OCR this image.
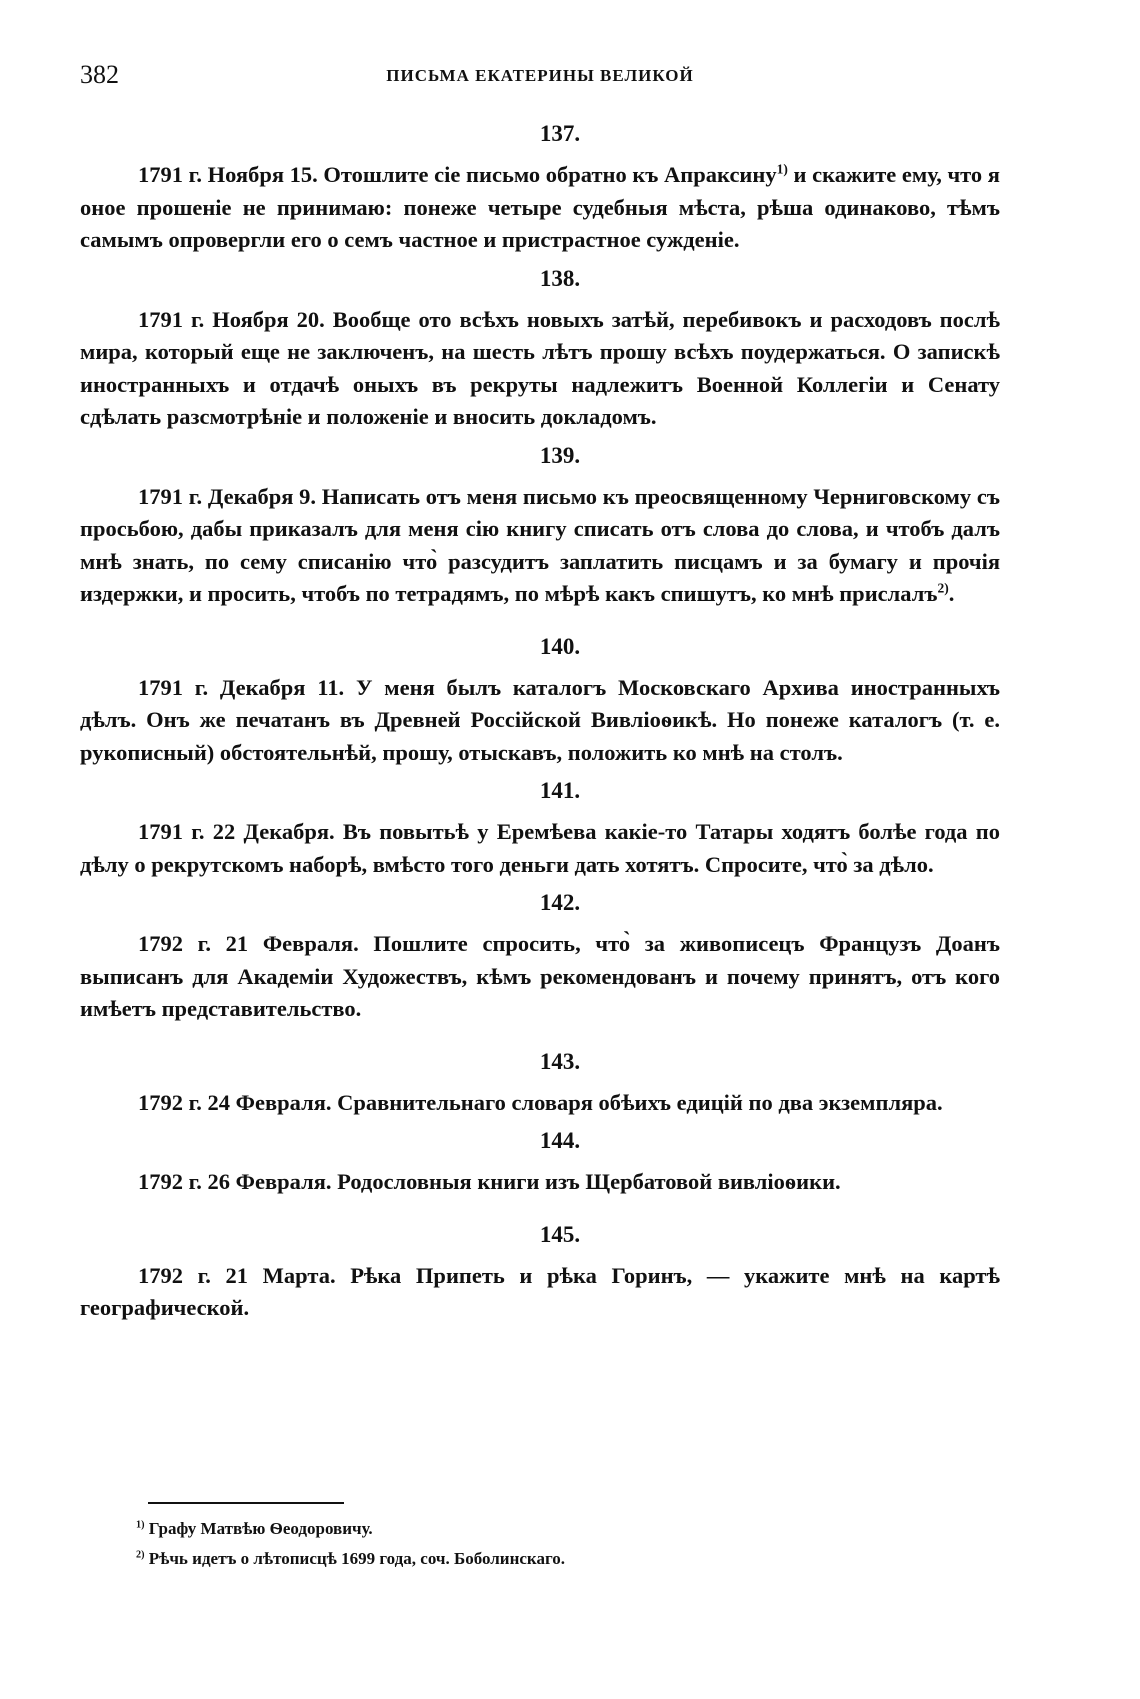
382	ПИСЬМА ЕКАТЕРИНЫ ВЕЛИКОЙ
137.

1791 г. Ноября 15. Отошлите сіе письмо обратно къ Апраксину$^{1)}$ и скажите ему, что я оное прошеніе не принимаю: понеже четыре судебныя мѣста, рѣша одинаково, тѣмъ самымъ опровергли его о семъ частное и пристрастное сужденіе.

138.

1791 г. Ноября 20. Вообще ото всѣхъ новыхъ затѣй, перебивокъ и расходовъ послѣ мира, который еще не заключенъ, на шесть лѣтъ прошу всѣхъ поудержаться. О запискѣ иностранныхъ и отдачѣ оныхъ въ рекруты надлежитъ Военной Коллегіи и Сенату сдѣлать разсмотрѣніе и положеніе и вносить докладомъ.

139.

1791 г. Декабря 9. Написать отъ меня письмо къ преосвященному Черниговскому съ просьбою, дабы приказалъ для меня сію книгу списать отъ слова до слова, и чтобъ далъ мнѣ знать, по сему списанію что̀ разсудитъ заплатить писцамъ и за бумагу и прочія издержки, и просить, чтобъ по тетрадямъ, по мѣрѣ какъ спишутъ, ко мнѣ прислалъ$^{2)}$.

140.

1791 г. Декабря 11. У меня былъ каталогъ Московскаго Архива иностранныхъ дѣлъ. Онъ же печатанъ въ Древней Россійской Вивліоѳикѣ. Но понеже каталогъ (т. е. рукописный) обстоятельнѣй, прошу, отыскавъ, положить ко мнѣ на столъ.

141.

1791 г. 22 Декабря. Въ повытьѣ у Еремѣева какіе-то Татары ходятъ болѣе года по дѣлу о рекрутскомъ наборѣ, вмѣсто того деньги дать хотятъ. Спросите, что̀ за дѣло.

142.

1792 г. 21 Февраля. Пошлите спросить, что̀ за живописецъ Французъ Доанъ выписанъ для Академіи Художествъ, кѣмъ рекомендованъ и почему принятъ, отъ кого имѣетъ представительство.

143.

1792 г. 24 Февраля. Сравнительнаго словаря обѣихъ едицій по два экземпляра.

144.

1792 г. 26 Февраля. Родословныя книги изъ Щербатовой вивліоѳики.

145.

1792 г. 21 Марта. Рѣка Припеть и рѣка Горинъ, — укажите мнѣ на картѣ географической.

$^{1)}$ Графу Матвѣю Ѳеодоровичу.

$^{2)}$ Рѣчь идетъ о лѣтописцѣ 1699 года, соч. Боболинскаго.
